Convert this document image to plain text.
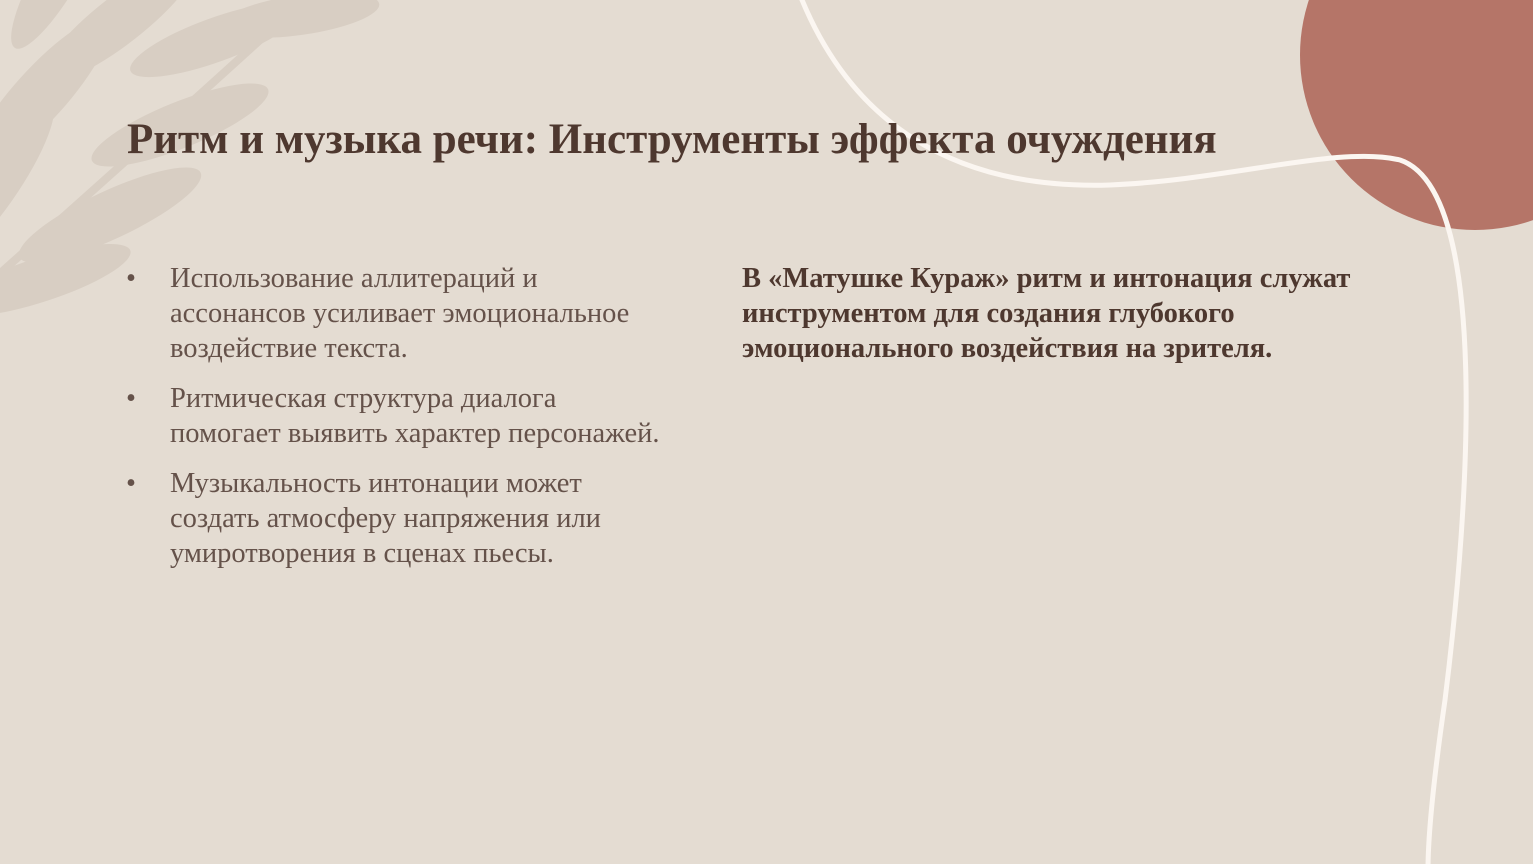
Ритм и музыка речи: Инструменты эффекта очуждения
• Использование аллитераций и ассонансов усиливает эмоциональное воздействие текста.
• Ритмическая структура диалога помогает выявить характер персонажей.
• Музыкальность интонации может создать атмосферу напряжения или умиротворения в сценах пьесы.

В «Матушке Кураж» ритм и интонация служат инструментом для создания глубокого эмоционального воздействия на зрителя.
